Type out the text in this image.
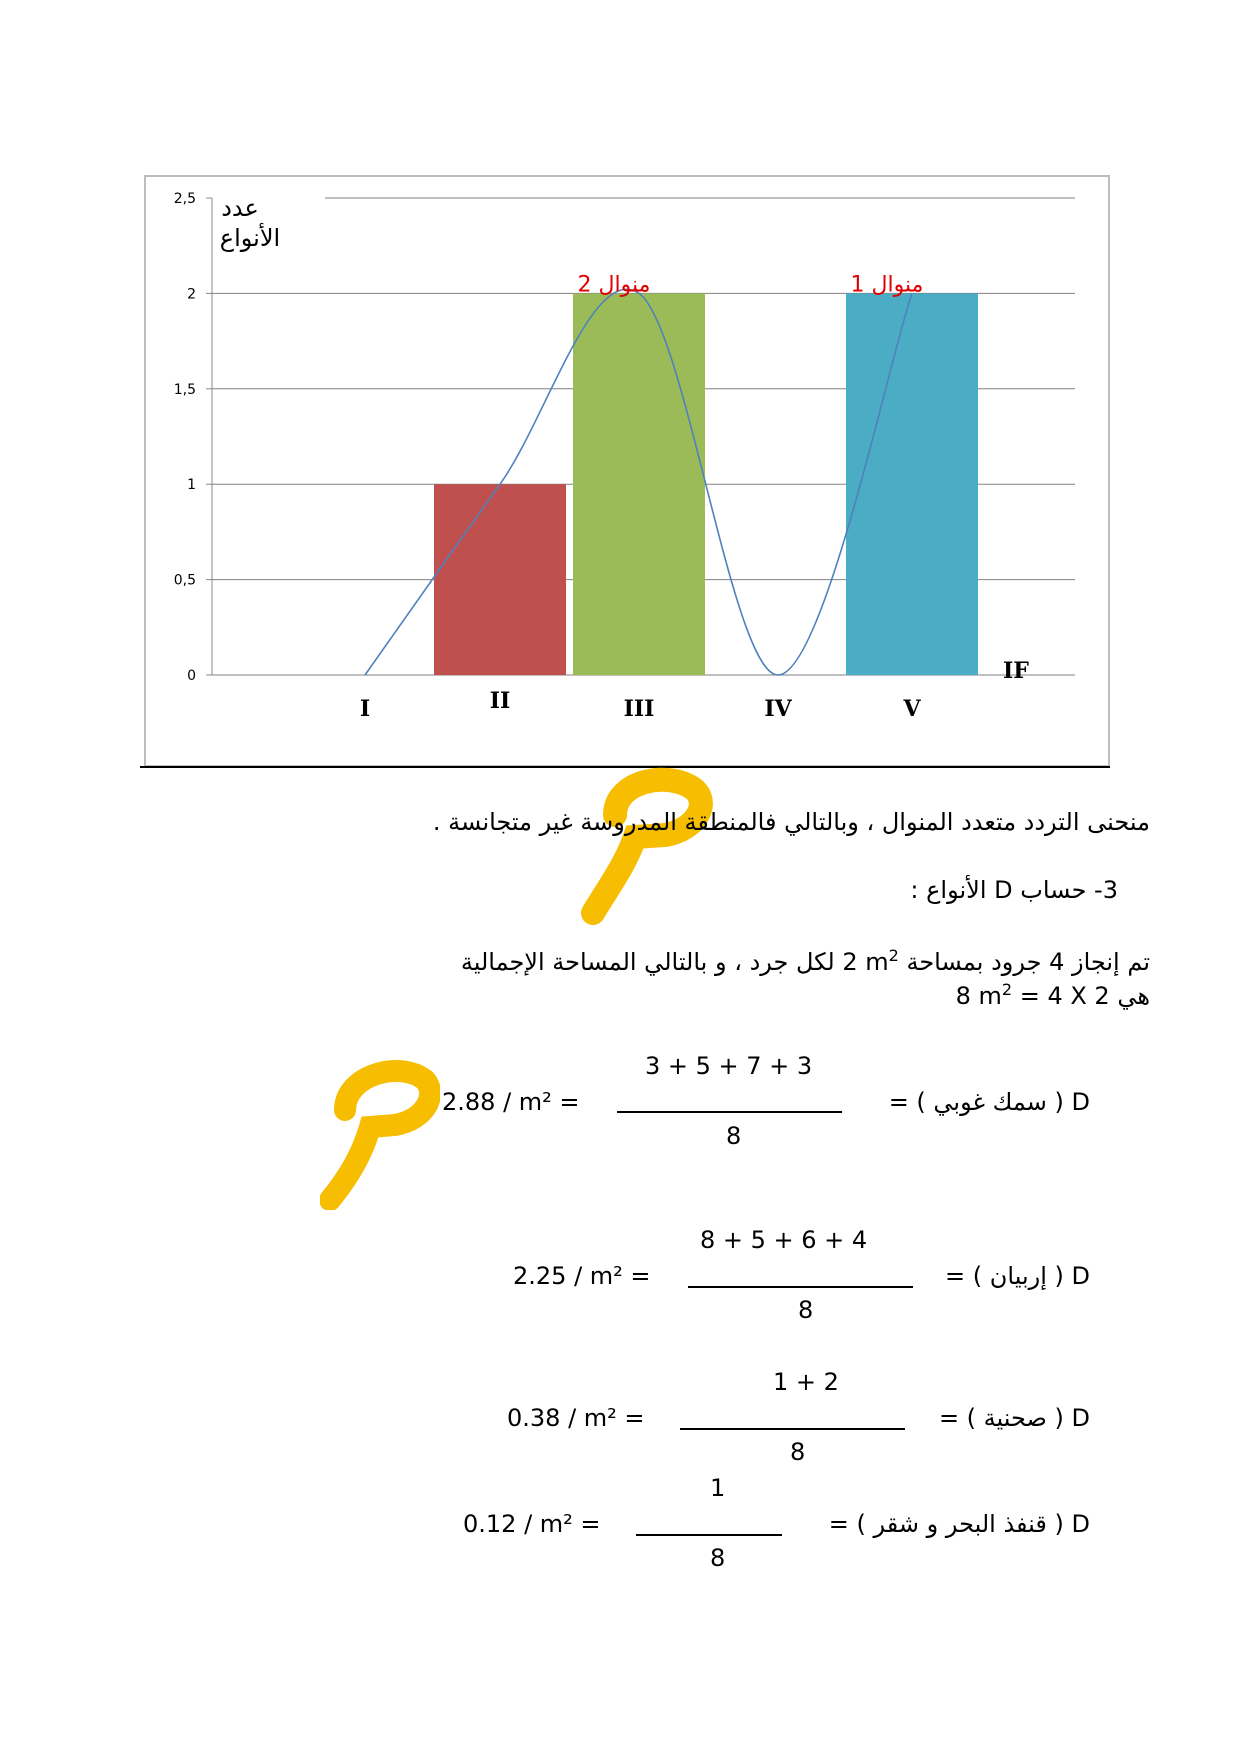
0
0,5
1
1,5
2
2,5
I	II	III	IV	V
منوال 2	منوال 1
عدد
الأنواع
IF
منحنى التردد متعدد المنوال ، وبالتالي فالمنطقة المدروسة غير متجانسة .
3- حساب D الأنواع :
تم إنجاز 4 جرود بمساحة 2 $m^2$ لكل جرد ، و بالتالي المساحة الإجمالية
هي 8 $m^2 = 4$ X 2
3 + 5 + 7 + 3
8
2.88 / m² =	D ( سمك غوبي ) =
8 + 5 + 6 + 4
8
2.25 / m² =	D ( إربيان ) =
1 + 2
8
0.38 / m² =	D ( صحنية ) =
1
8
0.12 / m² =	D ( قنفذ البحر و شقر ) =
